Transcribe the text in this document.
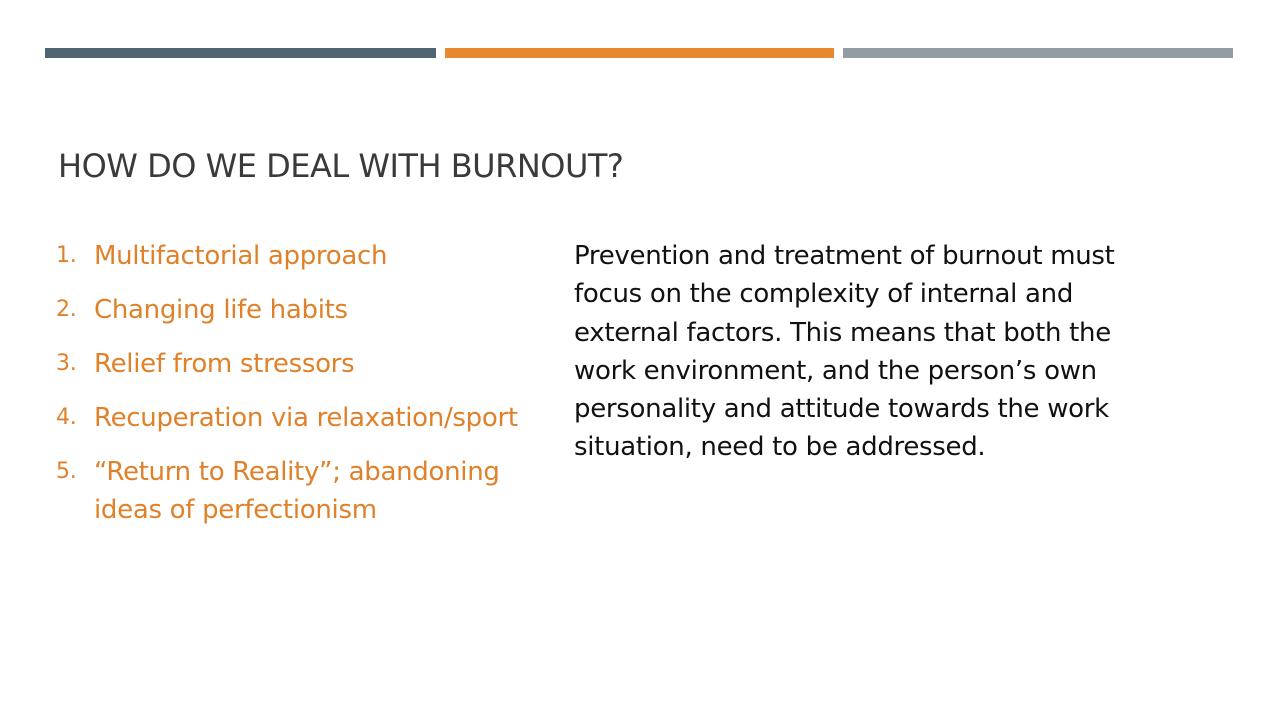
HOW DO WE DEAL WITH BURNOUT?
1. Multifactorial approach
2. Changing life habits
3. Relief from stressors
4. Recuperation via relaxation/sport
5. “Return to Reality”; abandoning ideas of perfectionism

Prevention and treatment of burnout must focus on the complexity of internal and external factors. This means that both the work environment, and the person’s own personality and attitude towards the work situation, need to be addressed.
